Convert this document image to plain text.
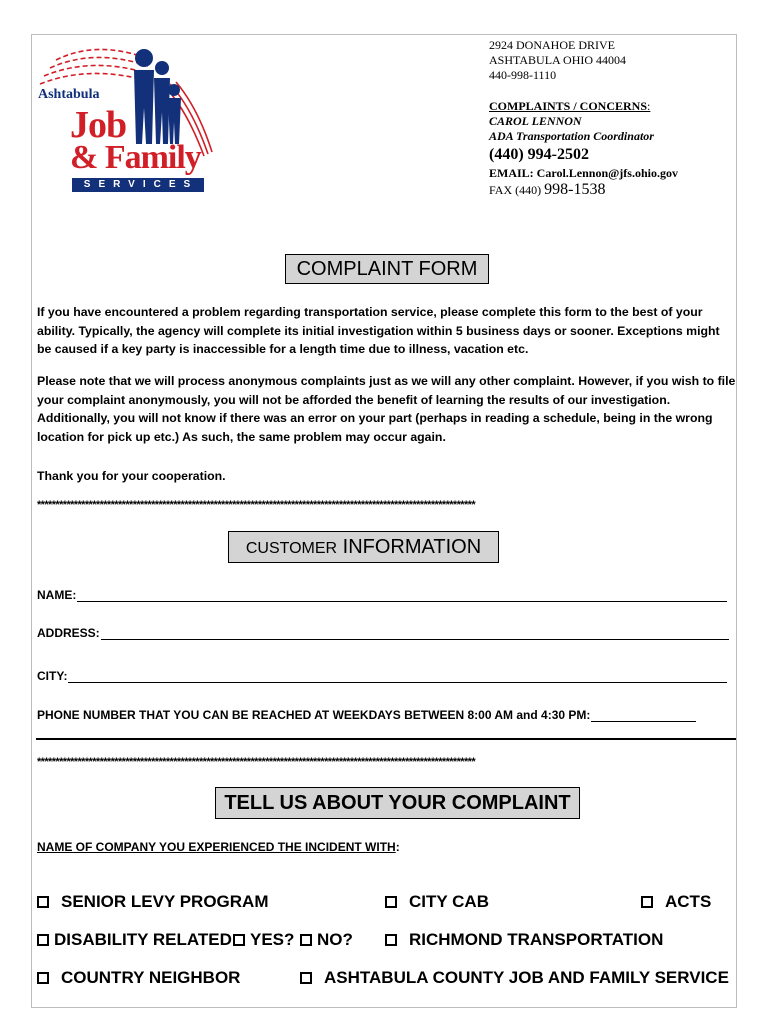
Ashtabula
Job
& Family
SERVICES
2924 DONAHOE DRIVE
ASHTABULA OHIO 44004
440-998-1110
COMPLAINTS / CONCERNS:
CAROL LENNON
ADA Transportation Coordinator
(440) 994-2502
EMAIL: Carol.Lennon@jfs.ohio.gov
FAX (440) 998-1538
COMPLAINT FORM
If you have encountered a problem regarding transportation service, please complete this form to the best of your ability. Typically, the agency will complete its initial investigation within 5 business days or sooner. Exceptions might be caused if a key party is inaccessible for a length time due to illness, vacation etc.
Please note that we will process anonymous complaints just as we will any other complaint. However, if you wish to file your complaint anonymously, you will not be afforded the benefit of learning the results of our investigation. Additionally, you will not know if there was an error on your part (perhaps in reading a schedule, being in the wrong location for pick up etc.) As such, the same problem may occur again.
Thank you for your cooperation.
***********************************************************************************************************************
CUSTOMER INFORMATION
NAME:
ADDRESS:
CITY:
PHONE NUMBER THAT YOU CAN BE REACHED AT WEEKDAYS BETWEEN 8:00 AM and 4:30 PM:
***********************************************************************************************************************
TELL US ABOUT YOUR COMPLAINT
NAME OF COMPANY YOU EXPERIENCED THE INCIDENT WITH:
SENIOR LEVY PROGRAM	CITY CAB	ACTS
DISABILITY RELATED YES? NO?	RICHMOND TRANSPORTATION
COUNTRY NEIGHBOR	ASHTABULA COUNTY JOB AND FAMILY SERVICE
